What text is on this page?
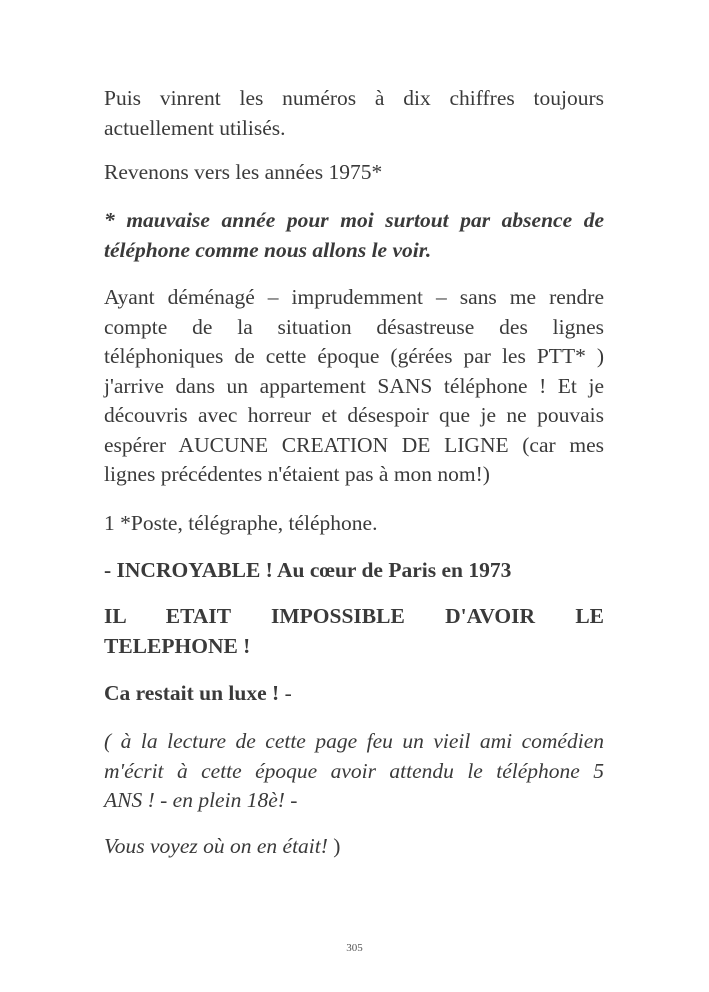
Puis vinrent les numéros à dix chiffres toujours
actuellement utilisés.

Revenons vers les années 1975*

* mauvaise année pour moi surtout par absence de
téléphone comme nous allons le voir.

Ayant déménagé – imprudemment – sans me rendre
compte de la situation désastreuse des lignes
téléphoniques de cette époque (gérées par les PTT* )
j'arrive dans un appartement SANS téléphone ! Et je
découvris avec horreur et désespoir que je ne pouvais
espérer AUCUNE CREATION DE LIGNE (car mes
lignes précédentes n'étaient pas à mon nom!)

1 *Poste, télégraphe, téléphone.

- INCROYABLE ! Au cœur de Paris en 1973

IL ETAIT IMPOSSIBLE D'AVOIR LE
TELEPHONE !

Ca restait un luxe ! -

( à la lecture de cette page feu un vieil ami comédien
m'écrit à cette époque avoir attendu le téléphone 5
ANS ! - en plein 18è! -

Vous voyez où on en était! )

305
